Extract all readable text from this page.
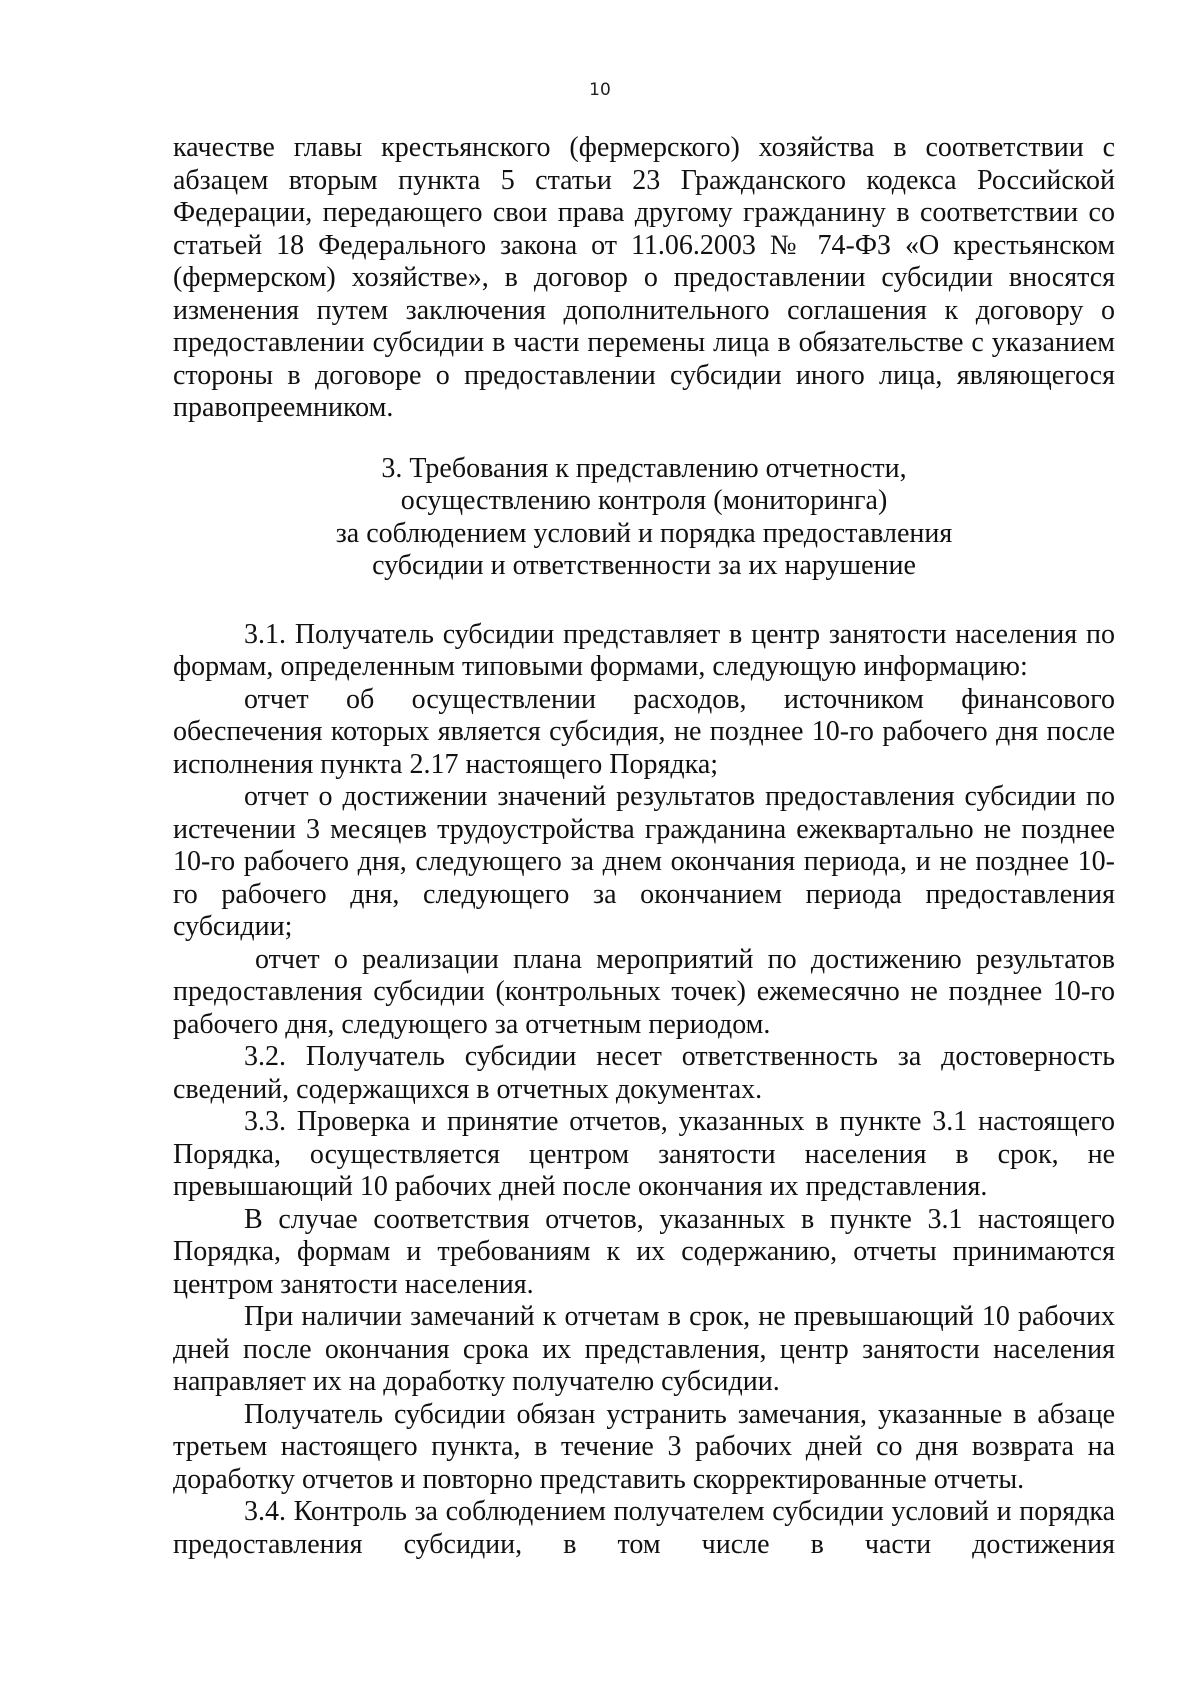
10

качестве главы крестьянского (фермерского) хозяйства в соответствии с абзацем вторым пункта 5 статьи 23 Гражданского кодекса Российской Федерации, передающего свои права другому гражданину в соответствии со статьей 18 Федерального закона от 11.06.2003 № 74-ФЗ «О крестьянском (фермерском) хозяйстве», в договор о предоставлении субсидии вносятся изменения путем заключения дополнительного соглашения к договору о предоставлении субсидии в части перемены лица в обязательстве с указанием стороны в договоре о предоставлении субсидии иного лица, являющегося правопреемником.

3. Требования к представлению отчетности,
осуществлению контроля (мониторинга)
за соблюдением условий и порядка предоставления
субсидии и ответственности за их нарушение

3.1. Получатель субсидии представляет в центр занятости населения по формам, определенным типовыми формами, следующую информацию:

отчет об осуществлении расходов, источником финансового обеспечения которых является субсидия, не позднее 10-го рабочего дня после исполнения пункта 2.17 настоящего Порядка;

отчет о достижении значений результатов предоставления субсидии по истечении 3 месяцев трудоустройства гражданина ежеквартально не позднее 10-го рабочего дня, следующего за днем окончания периода, и не позднее 10-го рабочего дня, следующего за окончанием периода предоставления субсидии;

отчет о реализации плана мероприятий по достижению результатов предоставления субсидии (контрольных точек) ежемесячно не позднее 10-го рабочего дня, следующего за отчетным периодом.

3.2. Получатель субсидии несет ответственность за достоверность сведений, содержащихся в отчетных документах.

3.3. Проверка и принятие отчетов, указанных в пункте 3.1 настоящего Порядка, осуществляется центром занятости населения в срок, не превышающий 10 рабочих дней после окончания их представления.

В случае соответствия отчетов, указанных в пункте 3.1 настоящего Порядка, формам и требованиям к их содержанию, отчеты принимаются центром занятости населения.

При наличии замечаний к отчетам в срок, не превышающий 10 рабочих дней после окончания срока их представления, центр занятости населения направляет их на доработку получателю субсидии.

Получатель субсидии обязан устранить замечания, указанные в абзаце третьем настоящего пункта, в течение 3 рабочих дней со дня возврата на доработку отчетов и повторно представить скорректированные отчеты.

3.4. Контроль за соблюдением получателем субсидии условий и порядка предоставления субсидии, в том числе в части достижения
